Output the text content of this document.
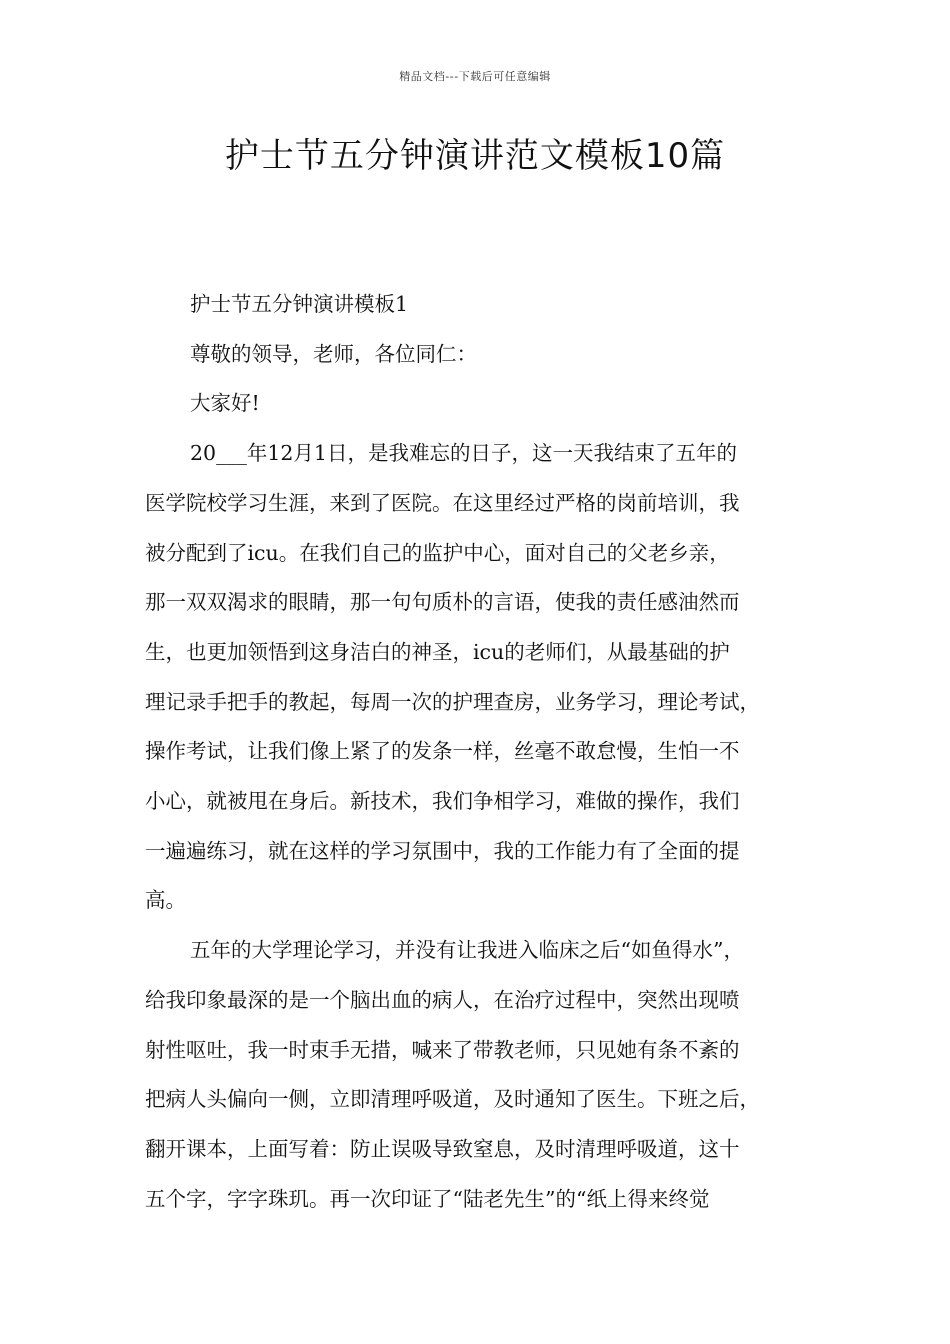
精品文档---下载后可任意编辑
护士节五分钟演讲范文模板10篇
护士节五分钟演讲模板1
尊敬的领导，老师，各位同仁：
大家好!

20___年12月1日，是我难忘的日子，这一天我结束了五年的
医学院校学习生涯，来到了医院。在这里经过严格的岗前培训，我
被分配到了icu。在我们自己的监护中心，面对自己的父老乡亲，
那一双双渴求的眼睛，那一句句质朴的言语，使我的责任感油然而
生，也更加领悟到这身洁白的神圣，icu的老师们，从最基础的护
理记录手把手的教起，每周一次的护理查房，业务学习，理论考试，
操作考试，让我们像上紧了的发条一样，丝毫不敢怠慢，生怕一不
小心，就被甩在身后。新技术，我们争相学习，难做的操作，我们
一遍遍练习，就在这样的学习氛围中，我的工作能力有了全面的提
高。

五年的大学理论学习，并没有让我进入临床之后“如鱼得水”，
给我印象最深的是一个脑出血的病人，在治疗过程中，突然出现喷
射性呕吐，我一时束手无措，喊来了带教老师，只见她有条不紊的
把病人头偏向一侧，立即清理呼吸道，及时通知了医生。下班之后，
翻开课本，上面写着：防止误吸导致窒息，及时清理呼吸道，这十
五个字，字字珠玑。再一次印证了“陆老先生”的“纸上得来终觉
